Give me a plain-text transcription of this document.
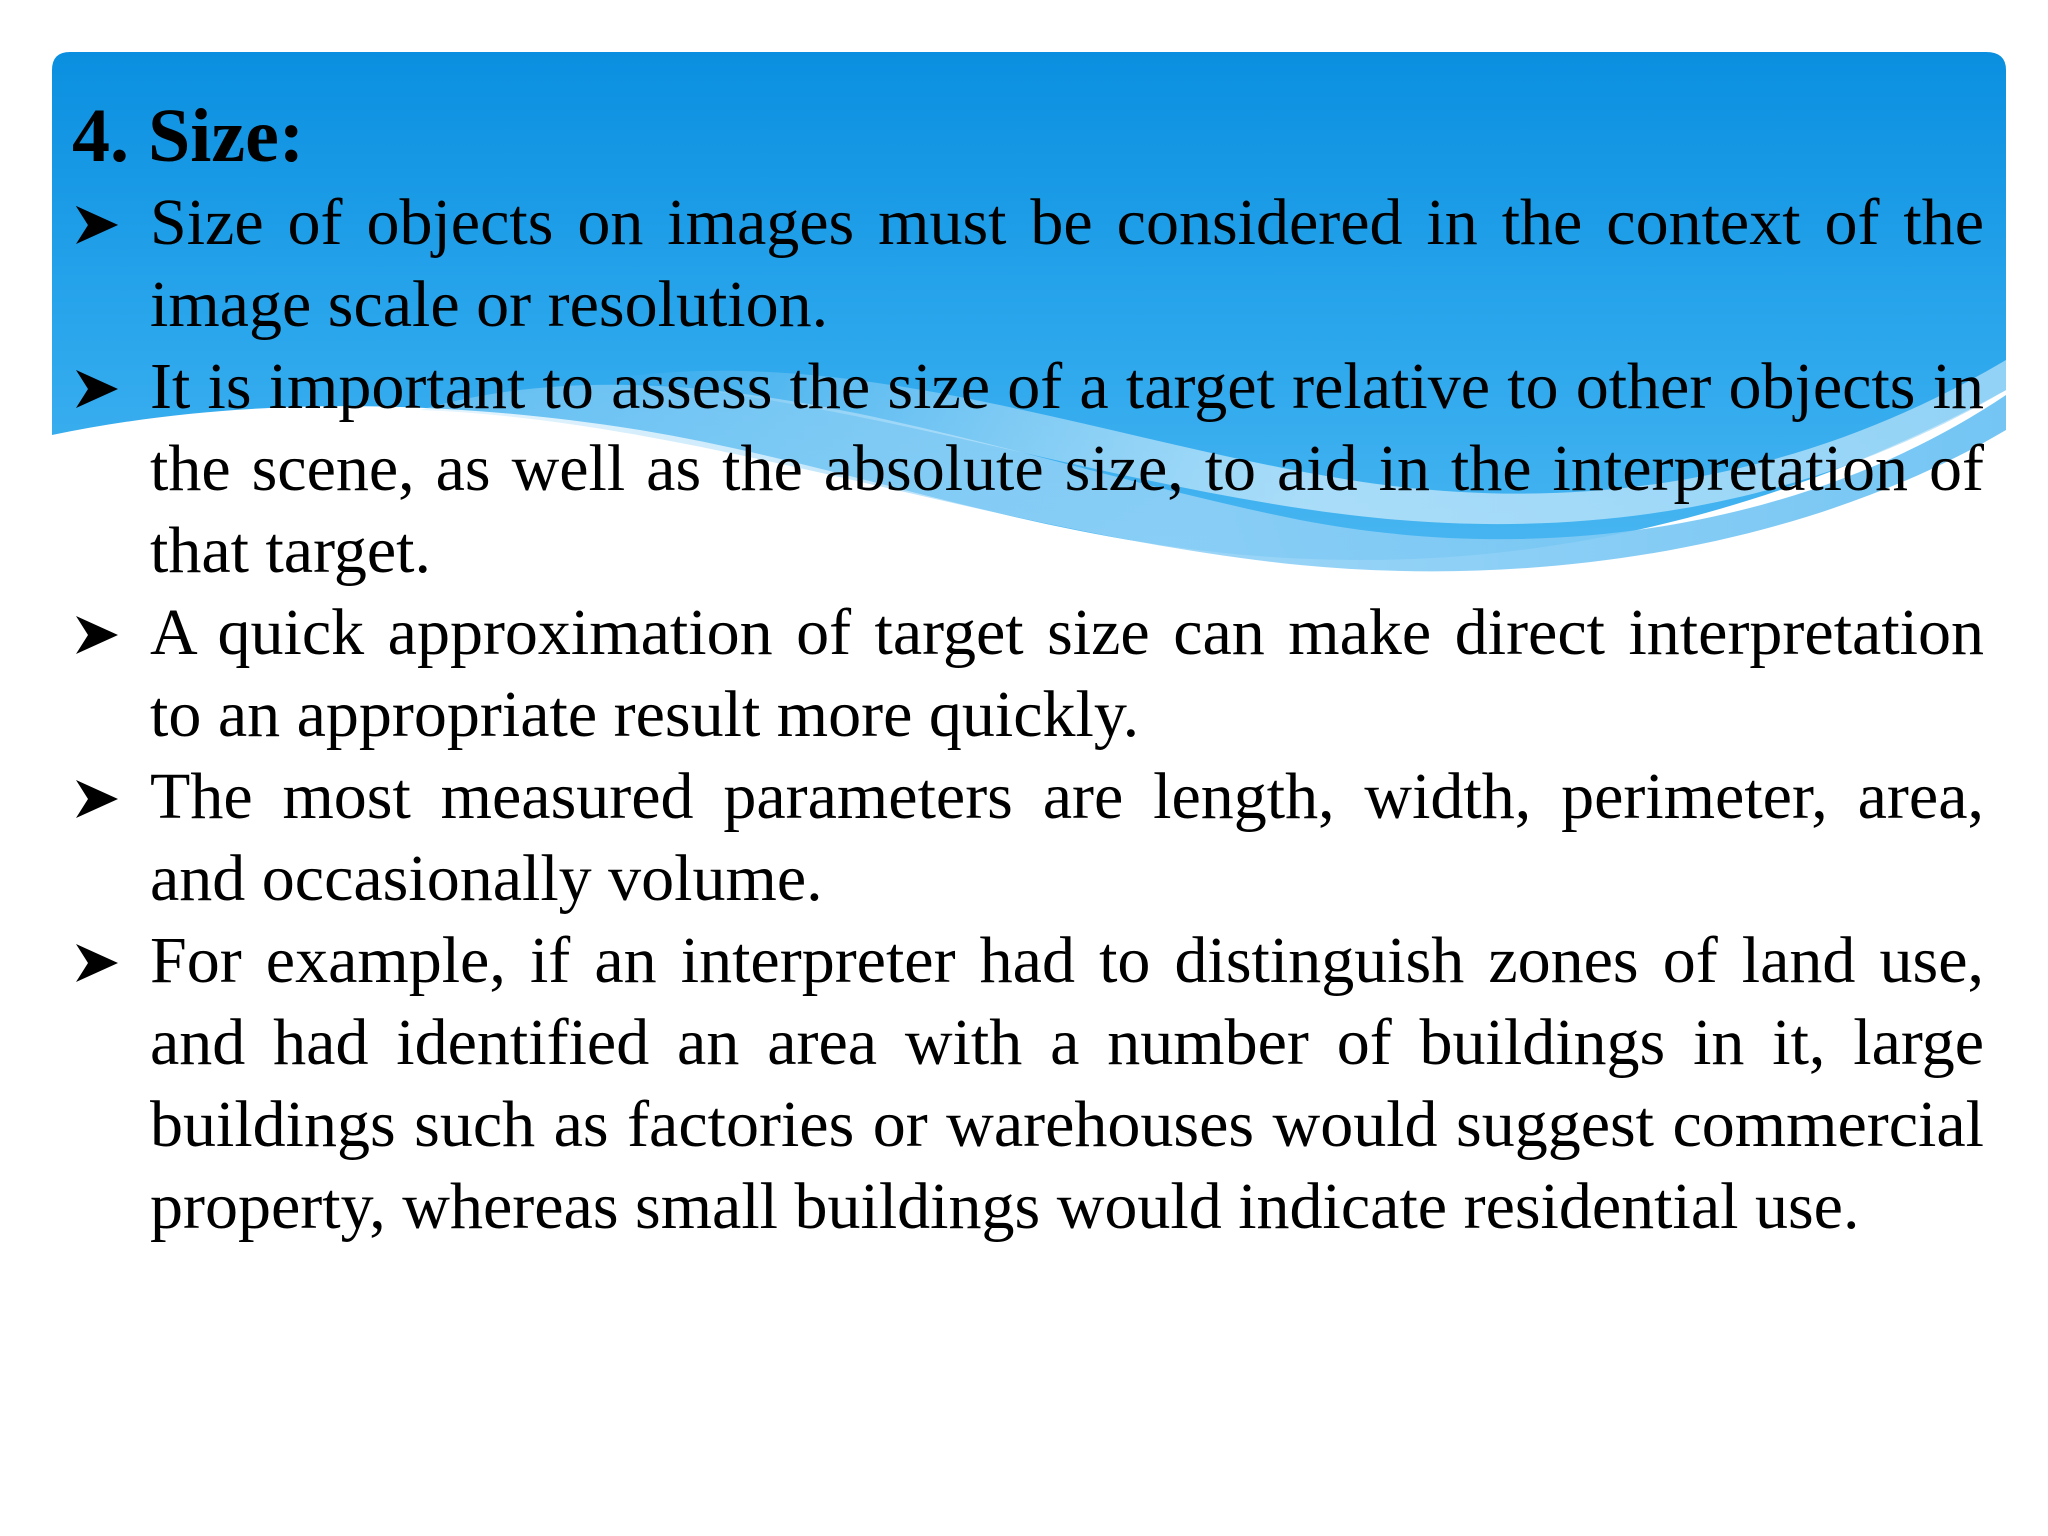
4. Size:
Size of objects on images must be considered in the context of the image scale or resolution.
It is important to assess the size of a target relative to other objects in the scene, as well as the absolute size, to aid in the interpretation of that target.
A quick approximation of target size can make direct interpretation to an appropriate result more quickly.
The most measured parameters are length, width, perimeter, area, and occasionally volume.
For example, if an interpreter had to distinguish zones of land use, and had identified an area with a number of buildings in it, large buildings such as factories or warehouses would suggest commercial property, whereas small buildings would indicate residential use.
